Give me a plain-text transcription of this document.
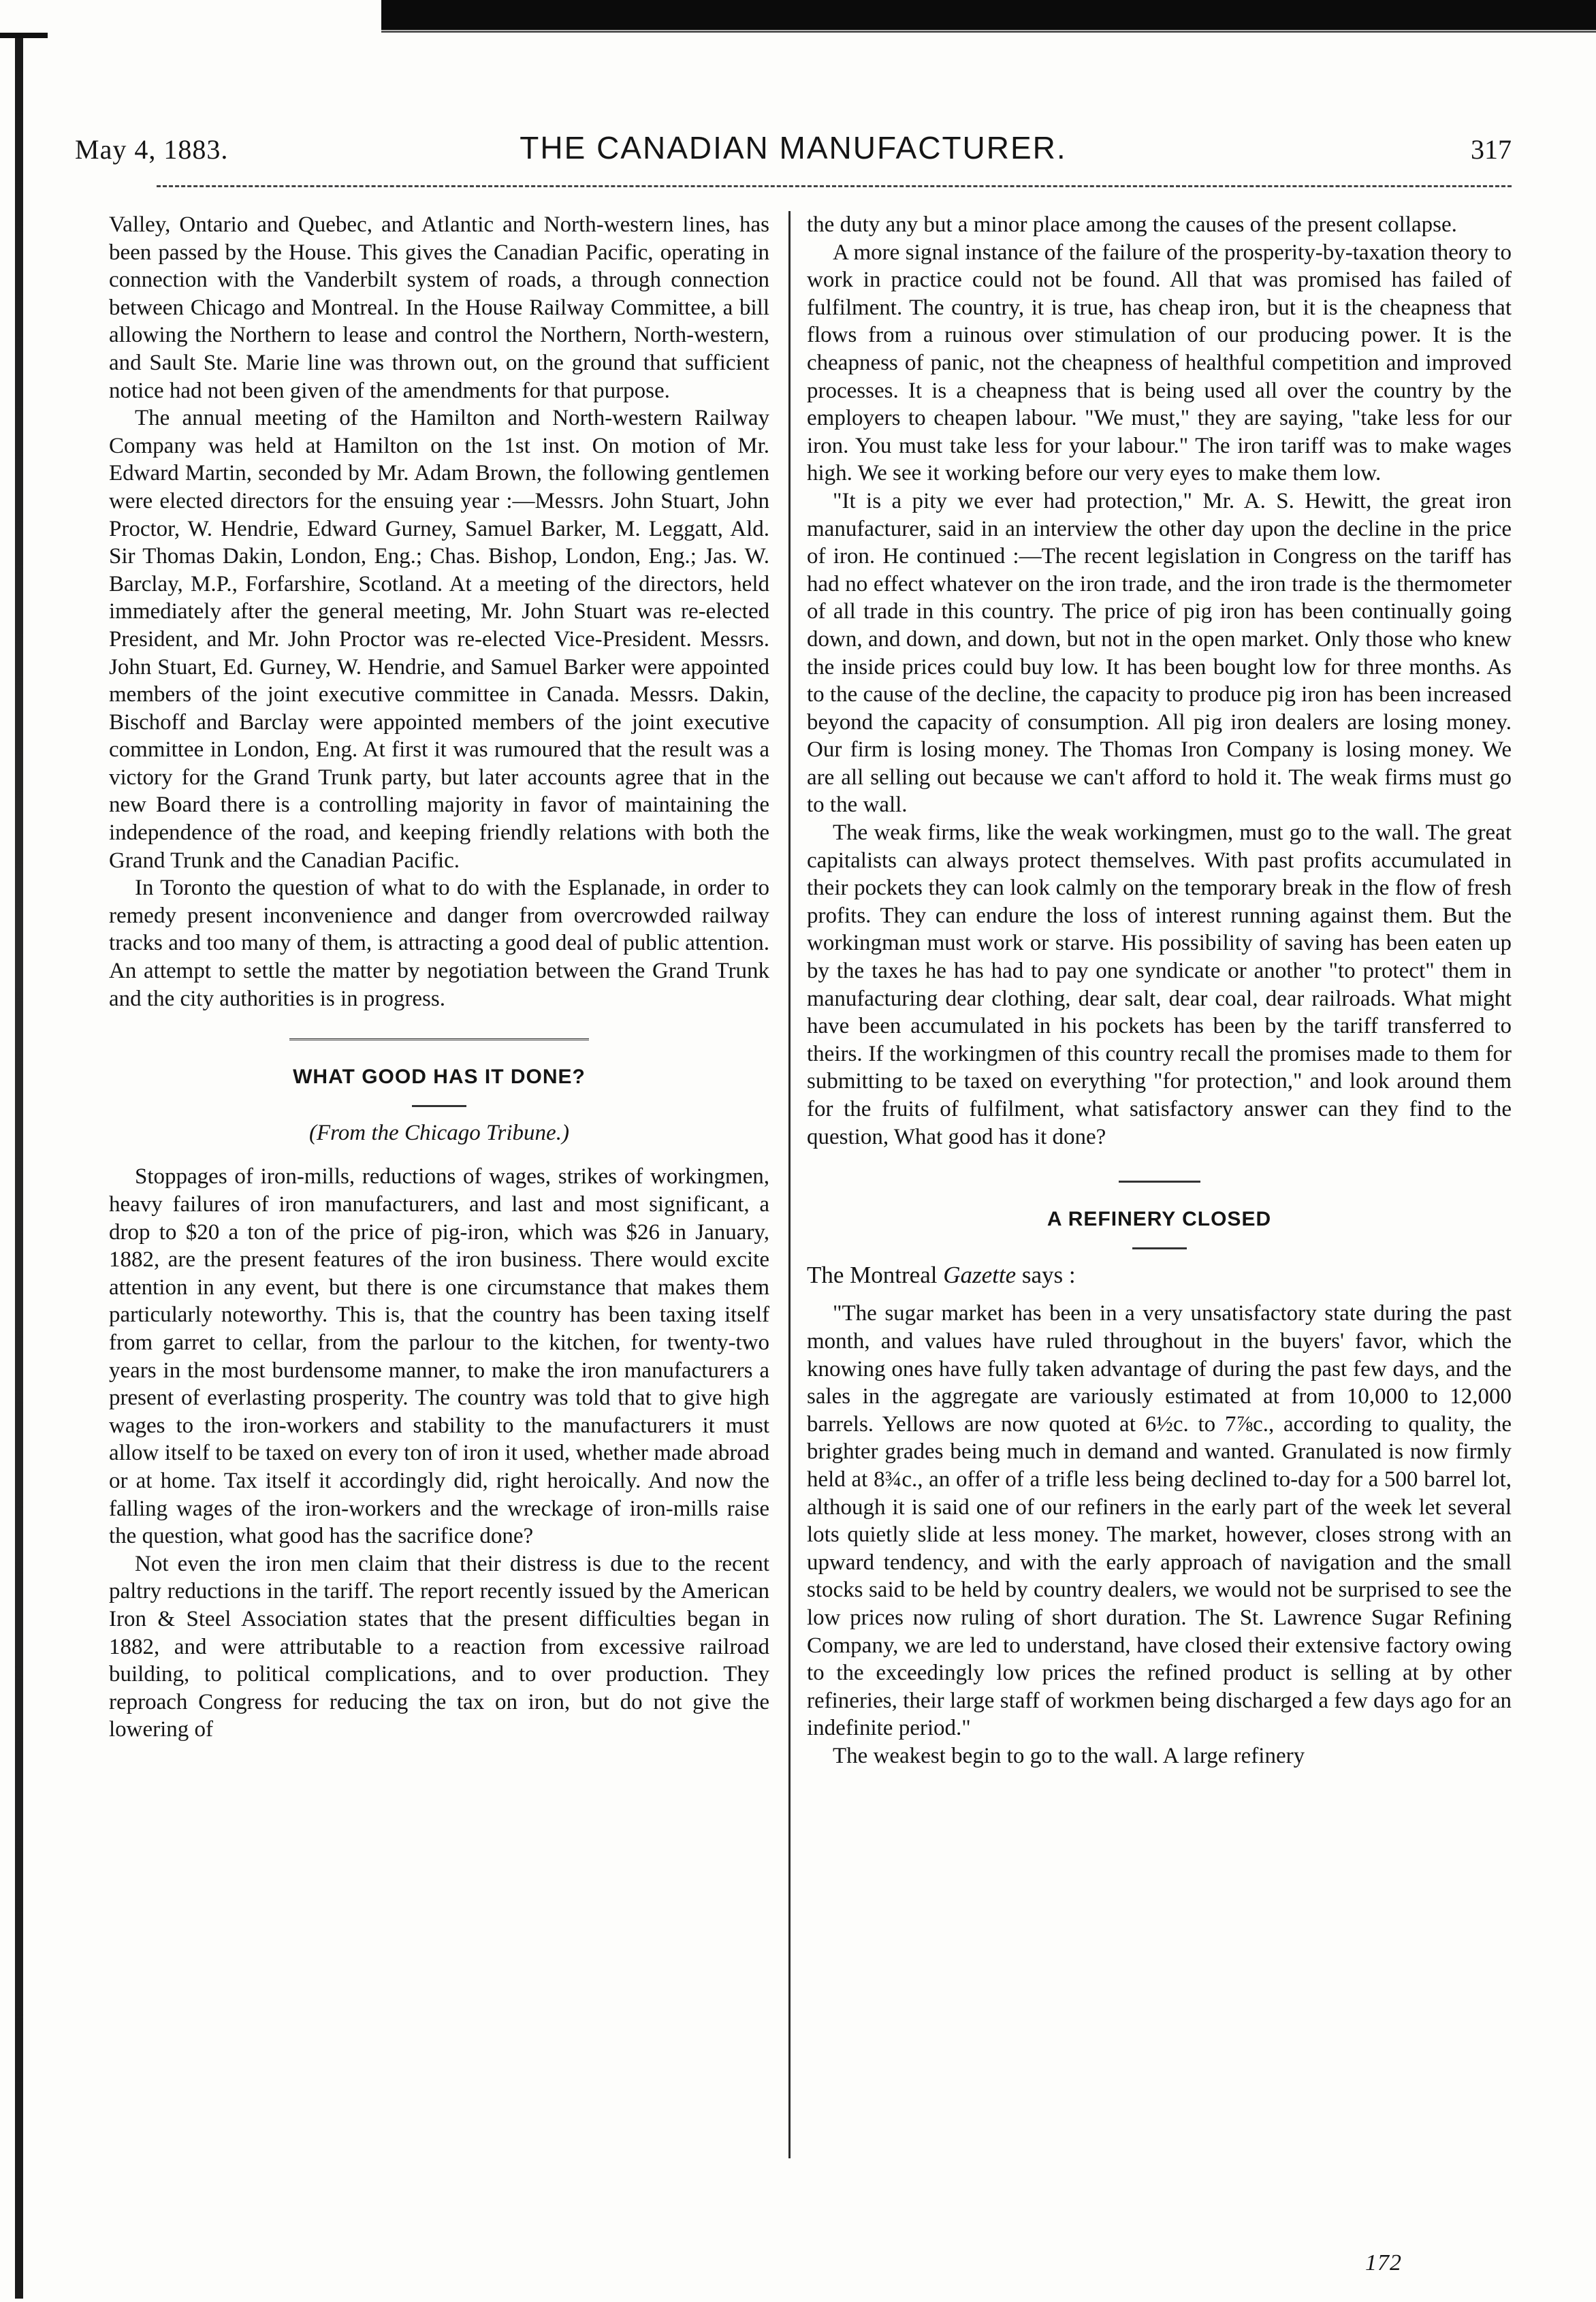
May 4, 1883.	THE CANADIAN MANUFACTURER.	317

Valley, Ontario and Quebec, and Atlantic and North-western lines, has been passed by the House. This gives the Canadian Pacific, operating in connection with the Vanderbilt system of roads, a through connection between Chicago and Montreal. In the House Railway Committee, a bill allowing the Northern to lease and control the Northern, North-western, and Sault Ste. Marie line was thrown out, on the ground that sufficient notice had not been given of the amendments for that purpose.

The annual meeting of the Hamilton and North-western Railway Company was held at Hamilton on the 1st inst. On motion of Mr. Edward Martin, seconded by Mr. Adam Brown, the following gentlemen were elected directors for the ensuing year :—Messrs. John Stuart, John Proctor, W. Hendrie, Edward Gurney, Samuel Barker, M. Leggatt, Ald. Sir Thomas Dakin, London, Eng.; Chas. Bishop, London, Eng.; Jas. W. Barclay, M.P., Forfarshire, Scotland. At a meeting of the directors, held immediately after the general meeting, Mr. John Stuart was re-elected President, and Mr. John Proctor was re-elected Vice-President. Messrs. John Stuart, Ed. Gurney, W. Hendrie, and Samuel Barker were appointed members of the joint executive committee in Canada. Messrs. Dakin, Bischoff and Barclay were appointed members of the joint executive committee in London, Eng. At first it was rumoured that the result was a victory for the Grand Trunk party, but later accounts agree that in the new Board there is a controlling majority in favor of maintaining the independence of the road, and keeping friendly relations with both the Grand Trunk and the Canadian Pacific.

In Toronto the question of what to do with the Esplanade, in order to remedy present inconvenience and danger from overcrowded railway tracks and too many of them, is attracting a good deal of public attention. An attempt to settle the matter by negotiation between the Grand Trunk and the city authorities is in progress.

WHAT GOOD HAS IT DONE?
(From the Chicago Tribune.)

Stoppages of iron-mills, reductions of wages, strikes of workingmen, heavy failures of iron manufacturers, and last and most significant, a drop to $20 a ton of the price of pig-iron, which was $26 in January, 1882, are the present features of the iron business. There would excite attention in any event, but there is one circumstance that makes them particularly noteworthy. This is, that the country has been taxing itself from garret to cellar, from the parlour to the kitchen, for twenty-two years in the most burdensome manner, to make the iron manufacturers a present of everlasting prosperity. The country was told that to give high wages to the iron-workers and stability to the manufacturers it must allow itself to be taxed on every ton of iron it used, whether made abroad or at home. Tax itself it accordingly did, right heroically. And now the falling wages of the iron-workers and the wreckage of iron-mills raise the question, what good has the sacrifice done?

Not even the iron men claim that their distress is due to the recent paltry reductions in the tariff. The report recently issued by the American Iron & Steel Association states that the present difficulties began in 1882, and were attributable to a reaction from excessive railroad building, to political complications, and to over production. They reproach Congress for reducing the tax on iron, but do not give the lowering of

the duty any but a minor place among the causes of the present collapse.

A more signal instance of the failure of the prosperity-by-taxation theory to work in practice could not be found. All that was promised has failed of fulfilment. The country, it is true, has cheap iron, but it is the cheapness that flows from a ruinous over stimulation of our producing power. It is the cheapness of panic, not the cheapness of healthful competition and improved processes. It is a cheapness that is being used all over the country by the employers to cheapen labour. "We must," they are saying, "take less for our iron. You must take less for your labour." The iron tariff was to make wages high. We see it working before our very eyes to make them low.

"It is a pity we ever had protection," Mr. A. S. Hewitt, the great iron manufacturer, said in an interview the other day upon the decline in the price of iron. He continued :—The recent legislation in Congress on the tariff has had no effect whatever on the iron trade, and the iron trade is the thermometer of all trade in this country. The price of pig iron has been continually going down, and down, and down, but not in the open market. Only those who knew the inside prices could buy low. It has been bought low for three months. As to the cause of the decline, the capacity to produce pig iron has been increased beyond the capacity of consumption. All pig iron dealers are losing money. Our firm is losing money. The Thomas Iron Company is losing money. We are all selling out because we can't afford to hold it. The weak firms must go to the wall.

The weak firms, like the weak workingmen, must go to the wall. The great capitalists can always protect themselves. With past profits accumulated in their pockets they can look calmly on the temporary break in the flow of fresh profits. They can endure the loss of interest running against them. But the workingman must work or starve. His possibility of saving has been eaten up by the taxes he has had to pay one syndicate or another "to protect" them in manufacturing dear clothing, dear salt, dear coal, dear railroads. What might have been accumulated in his pockets has been by the tariff transferred to theirs. If the workingmen of this country recall the promises made to them for submitting to be taxed on everything "for protection," and look around them for the fruits of fulfilment, what satisfactory answer can they find to the question, What good has it done?

A REFINERY CLOSED

The Montreal Gazette says :

"The sugar market has been in a very unsatisfactory state during the past month, and values have ruled throughout in the buyers' favor, which the knowing ones have fully taken advantage of during the past few days, and the sales in the aggregate are variously estimated at from 10,000 to 12,000 barrels. Yellows are now quoted at 6½c. to 7⅞c., according to quality, the brighter grades being much in demand and wanted. Granulated is now firmly held at 8¾c., an offer of a trifle less being declined to-day for a 500 barrel lot, although it is said one of our refiners in the early part of the week let several lots quietly slide at less money. The market, however, closes strong with an upward tendency, and with the early approach of navigation and the small stocks said to be held by country dealers, we would not be surprised to see the low prices now ruling of short duration. The St. Lawrence Sugar Refining Company, we are led to understand, have closed their extensive factory owing to the exceedingly low prices the refined product is selling at by other refineries, their large staff of workmen being discharged a few days ago for an indefinite period."

The weakest begin to go to the wall. A large refinery

172
